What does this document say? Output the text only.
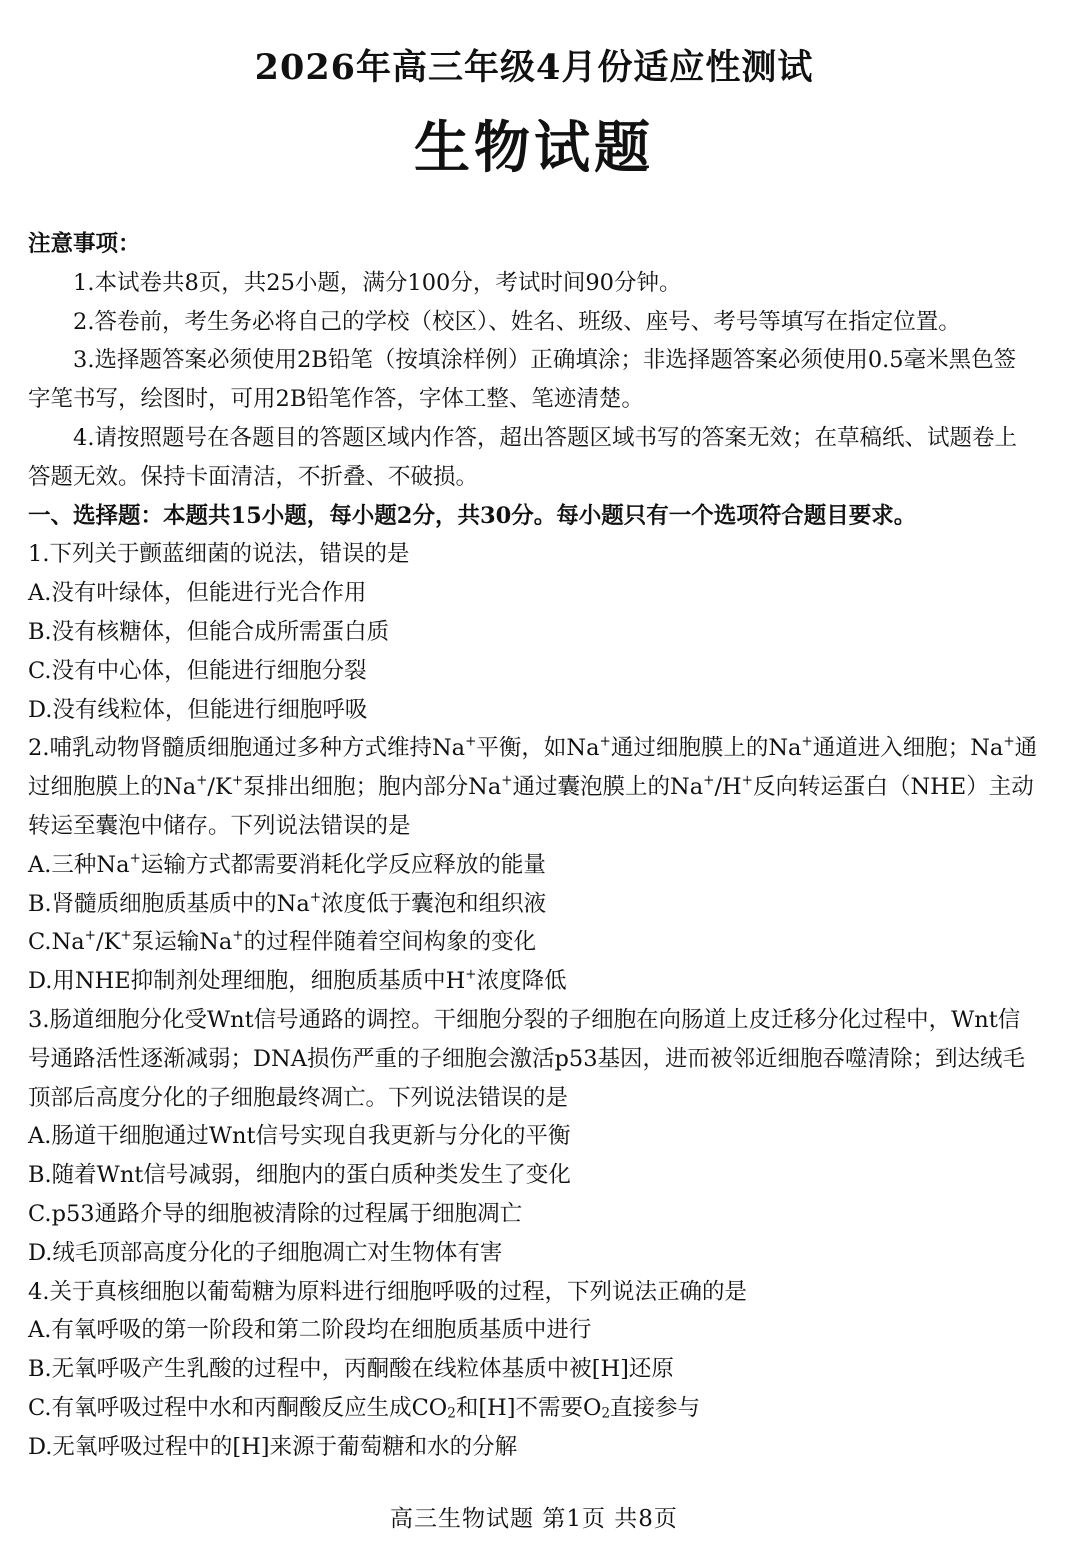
2026年高三年级4月份适应性测试
生物试题

注意事项：

1.本试卷共8页，共25小题，满分100分，考试时间90分钟。

2.答卷前，考生务必将自己的学校（校区）、姓名、班级、座号、考号等填写在指定位置。

3.选择题答案必须使用2B铅笔（按填涂样例）正确填涂；非选择题答案必须使用0.5毫米黑色签字笔书写，绘图时，可用2B铅笔作答，字体工整、笔迹清楚。

4.请按照题号在各题目的答题区域内作答，超出答题区域书写的答案无效；在草稿纸、试题卷上答题无效。保持卡面清洁，不折叠、不破损。

一、选择题：本题共15小题，每小题2分，共30分。每小题只有一个选项符合题目要求。

1.下列关于颤蓝细菌的说法，错误的是

A.没有叶绿体，但能进行光合作用

B.没有核糖体，但能合成所需蛋白质

C.没有中心体，但能进行细胞分裂

D.没有线粒体，但能进行细胞呼吸

2.哺乳动物肾髓质细胞通过多种方式维持Na+平衡，如Na+通过细胞膜上的Na+通道进入细胞；Na+通过细胞膜上的Na+/K+泵排出细胞；胞内部分Na+通过囊泡膜上的Na+/H+反向转运蛋白（NHE）主动转运至囊泡中储存。下列说法错误的是

A.三种Na+运输方式都需要消耗化学反应释放的能量

B.肾髓质细胞质基质中的Na+浓度低于囊泡和组织液

C.Na+/K+泵运输Na+的过程伴随着空间构象的变化

D.用NHE抑制剂处理细胞，细胞质基质中H+浓度降低

3.肠道细胞分化受Wnt信号通路的调控。干细胞分裂的子细胞在向肠道上皮迁移分化过程中，Wnt信号通路活性逐渐减弱；DNA损伤严重的子细胞会激活p53基因，进而被邻近细胞吞噬清除；到达绒毛顶部后高度分化的子细胞最终凋亡。下列说法错误的是

A.肠道干细胞通过Wnt信号实现自我更新与分化的平衡

B.随着Wnt信号减弱，细胞内的蛋白质种类发生了变化

C.p53通路介导的细胞被清除的过程属于细胞凋亡

D.绒毛顶部高度分化的子细胞凋亡对生物体有害

4.关于真核细胞以葡萄糖为原料进行细胞呼吸的过程，下列说法正确的是

A.有氧呼吸的第一阶段和第二阶段均在细胞质基质中进行

B.无氧呼吸产生乳酸的过程中，丙酮酸在线粒体基质中被[H]还原

C.有氧呼吸过程中水和丙酮酸反应生成$CO_2$和[H]不需要$O_2$直接参与

D.无氧呼吸过程中的[H]来源于葡萄糖和水的分解

高三生物试题 第1页 共8页
